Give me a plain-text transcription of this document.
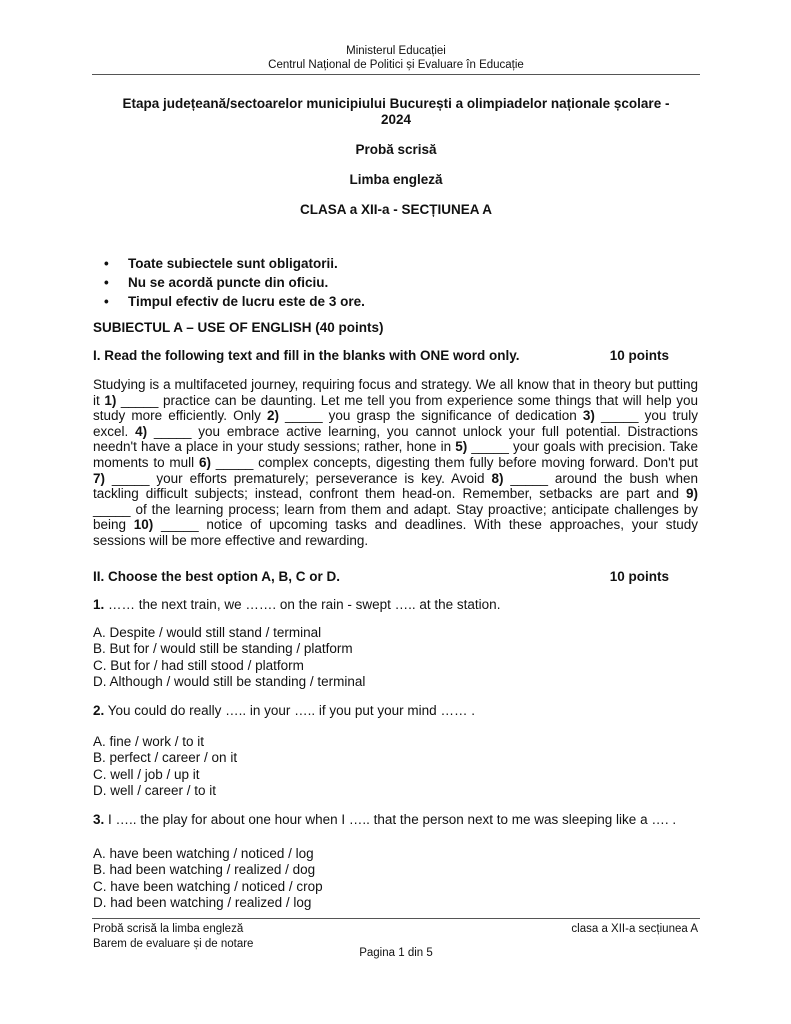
Ministerul Educației
Centrul Național de Politici și Evaluare în Educație
Etapa județeană/sectoarelor municipiului București a olimpiadelor naționale școlare -
2024
Probă scrisă
Limba engleză
CLASA a XII-a - SECȚIUNEA A
•	Toate subiectele sunt obligatorii.
•	Nu se acordă puncte din oficiu.
•	Timpul efectiv de lucru este de 3 ore.
SUBIECTUL A – USE OF ENGLISH (40 points)
I. Read the following text and fill in the blanks with ONE word only.	10 points
Studying is a multifaceted journey, requiring focus and strategy. We all know that in theory but putting it 1) _____ practice can be daunting. Let me tell you from experience some things that will help you study more efficiently. Only 2) _____ you grasp the significance of dedication 3) _____ you truly excel. 4) _____ you embrace active learning, you cannot unlock your full potential. Distractions needn't have a place in your study sessions; rather, hone in 5) _____ your goals with precision. Take moments to mull 6) _____ complex concepts, digesting them fully before moving forward. Don't put 7) _____ your efforts prematurely; perseverance is key. Avoid 8) _____ around the bush when tackling difficult subjects; instead, confront them head-on. Remember, setbacks are part and 9) _____ of the learning process; learn from them and adapt. Stay proactive; anticipate challenges by being 10) _____ notice of upcoming tasks and deadlines. With these approaches, your study sessions will be more effective and rewarding.
II. Choose the best option A, B, C or D.	10 points
1. …… the next train, we ……. on the rain - swept ….. at the station.
A. Despite / would still stand / terminal
B. But for / would still be standing / platform
C. But for / had still stood / platform
D. Although / would still be standing / terminal
2. You could do really ….. in your ….. if you put your mind …… .
A. fine / work / to it
B. perfect / career / on it
C. well / job / up it
D. well / career / to it
3. I ….. the play for about one hour when I ….. that the person next to me was sleeping like a …. .
A. have been watching / noticed / log
B. had been watching / realized / dog
C. have been watching / noticed / crop
D. had been watching / realized / log
Probă scrisă la limba engleză	clasa a XII-a secțiunea A
Barem de evaluare și de notare
Pagina 1 din 5
